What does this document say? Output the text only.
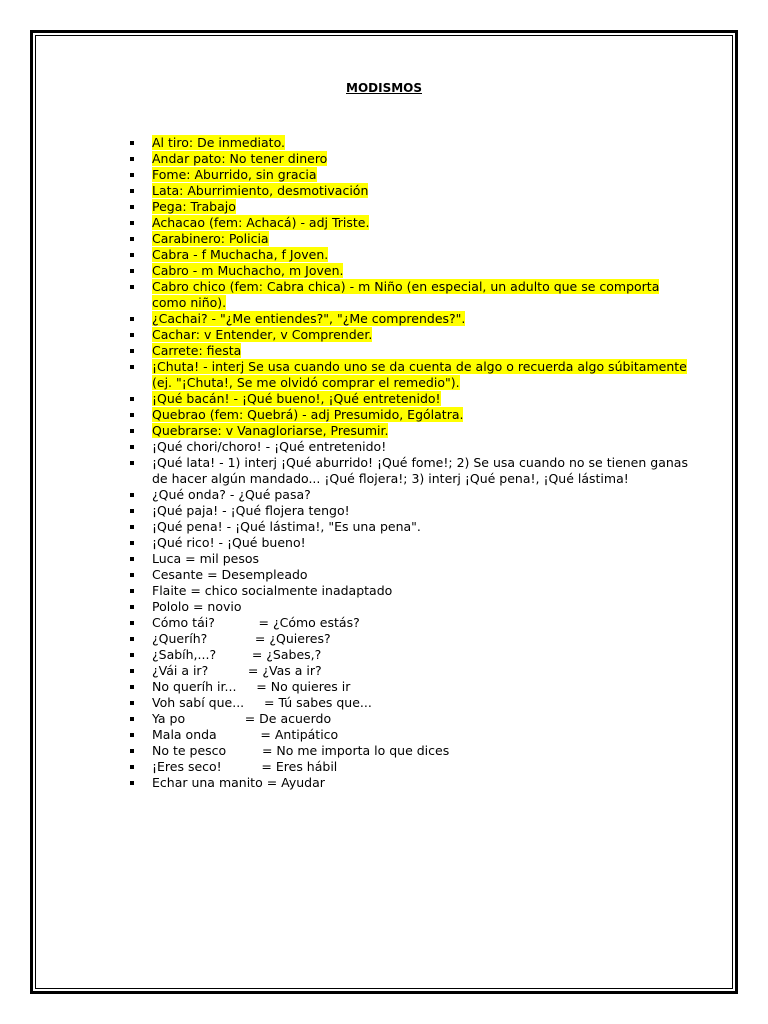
MODISMOS
Al tiro: De inmediato.
Andar pato: No tener dinero
Fome: Aburrido, sin gracia
Lata: Aburrimiento, desmotivación
Pega: Trabajo
Achacao (fem: Achacá) - adj Triste.
Carabinero: Policia
Cabra - f Muchacha, f Joven.
Cabro - m Muchacho, m Joven.
Cabro chico (fem: Cabra chica) - m Niño (en especial, un adulto que se comporta como niño).
¿Cachai? - "¿Me entiendes?", "¿Me comprendes?".
Cachar: v Entender, v Comprender.
Carrete: fiesta
¡Chuta! - interj Se usa cuando uno se da cuenta de algo o recuerda algo súbitamente (ej. "¡Chuta!, Se me olvidó comprar el remedio").
¡Qué bacán! - ¡Qué bueno!, ¡Qué entretenido!
Quebrao (fem: Quebrá) - adj Presumido, Ególatra.
Quebrarse: v Vanagloriarse, Presumir.
¡Qué chori/choro! - ¡Qué entretenido!
¡Qué lata! - 1) interj ¡Qué aburrido! ¡Qué fome!; 2) Se usa cuando no se tienen ganas de hacer algún mandado... ¡Qué flojera!; 3) interj ¡Qué pena!, ¡Qué lástima!
¿Qué onda? - ¿Qué pasa?
¡Qué paja! - ¡Qué flojera tengo!
¡Qué pena! - ¡Qué lástima!, "Es una pena".
¡Qué rico! - ¡Qué bueno!
Luca = mil pesos
Cesante = Desempleado
Flaite = chico socialmente inadaptado
Pololo = novio
Cómo tái?           = ¿Cómo estás?
¿Queríh?            = ¿Quieres?
¿Sabíh,...?         = ¿Sabes,?
¿Vái a ir?          = ¿Vas a ir?
No queríh ir...     = No quieres ir
Voh sabí que...     = Tú sabes que...
Ya po               = De acuerdo
Mala onda           = Antipático
No te pesco         = No me importa lo que dices
¡Eres seco!          = Eres hábil
Echar una manito = Ayudar
